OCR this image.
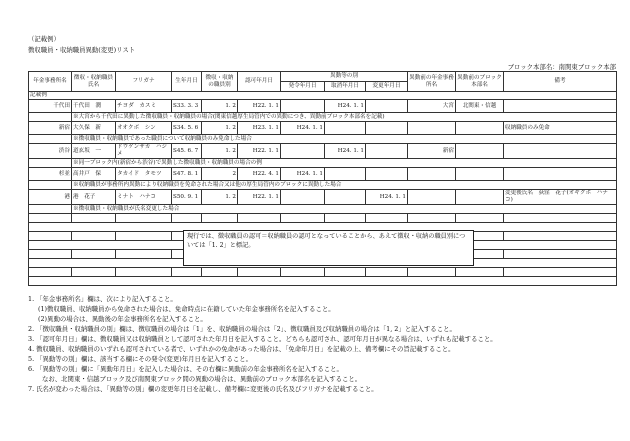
（記載例）
徴収職員・収納職員異動(変更)リスト
ブロック本部名：南関東ブロック本部
年金事務所名	徴収・収納職員氏名	フリガナ	生年月日	徴収・収納の職員別	認可年月日	異動等の別			異動前の年金事務所名	異動前のブロック本部名	備考
						発令年月日	取消年月日	変更年月日			
記載例											
千代田	千代田　潤	チヨダ　カスミ	S33. 3. 3	1. 2	H22. 1. 1		H24. 1. 1		大宮	北関東・信越	
	※大宮から千代田に異動した徴収職員・収納職員の場合(関東信越厚生局管内での異動につき、異動前ブロック本部名を記載)										
新宿	大久保　新	オオクボ　シン	S34. 5. 6	1. 2	H23. 1. 1	H24. 1. 1					収納職員のみ免命
	※徴収職員・収納職員であった職員について収納職員のみ免命した場合										
渋谷	道玄坂　一	ドウゲンザカ　ハジメ	S45. 6. 7	1. 2	H22. 1. 1		H24. 1. 1		新宿		
	※同一ブロック内(新宿から渋谷)で異動した徴収職員・収納職員の場合の例										
杉並	高井戸　保	タカイド　タモツ	S47. 8. 1	2	H22. 4. 1	H24. 1. 1					
	※収納職員が事務所内異動により収納職員を免命された場合又は他の厚生局管内のブロックに異動した場合										
港	港　花子	ミナト　ハナコ	S50. 9. 1	1. 2	H22. 1. 1			H24. 1. 1			変更後氏名　荻窪　花子(オギクボ　ハナコ)
	※徴収職員・収納職員が氏名変更した場合										

現行では、徴収職員の認可＝収納職員の認可となっていることから、あえて徴収・収納の職員別については「1. 2」と標記。
1. 「年金事務所名」欄は、次により記入すること。
(1)徴収職員、収納職員から免命された場合は、免命時点に在籍していた年金事務所名を記入すること。
(2)異動の場合は、異動後の年金事務所名を記入すること。
2. 「徴収職員・収納職員の別」欄は、徴収職員の場合は「1」を、収納職員の場合は「2」、徴収職員及び収納職員の場合は「1, 2」と記入すること。
3. 「認可年月日」欄は、徴収職員又は収納職員として認可された年月日を記入すること。どちらも認可され、認可年月日が異なる場合は、いずれも記載すること。
4. 徴収職員、収納職員のいずれも認可されている者で、いずれかの免命があった場合は、「免命年月日」を記載の上、備考欄にその旨記載すること。
5. 「異動等の別」欄は、該当する欄にその発令(変更)年月日を記入すること。
6. 「異動等の別」欄に「異動年月日」を記入した場合は、その右欄に異動前の年金事務所名を記入すること。
なお、北関東・信越ブロック及び南関東ブロック間の異動の場合は、異動前のブロック本部名を記入すること。
7. 氏名が変わった場合は、「異動等の別」欄の変更年月日を記載し、備考欄に変更後の氏名及びフリガナを記載すること。
